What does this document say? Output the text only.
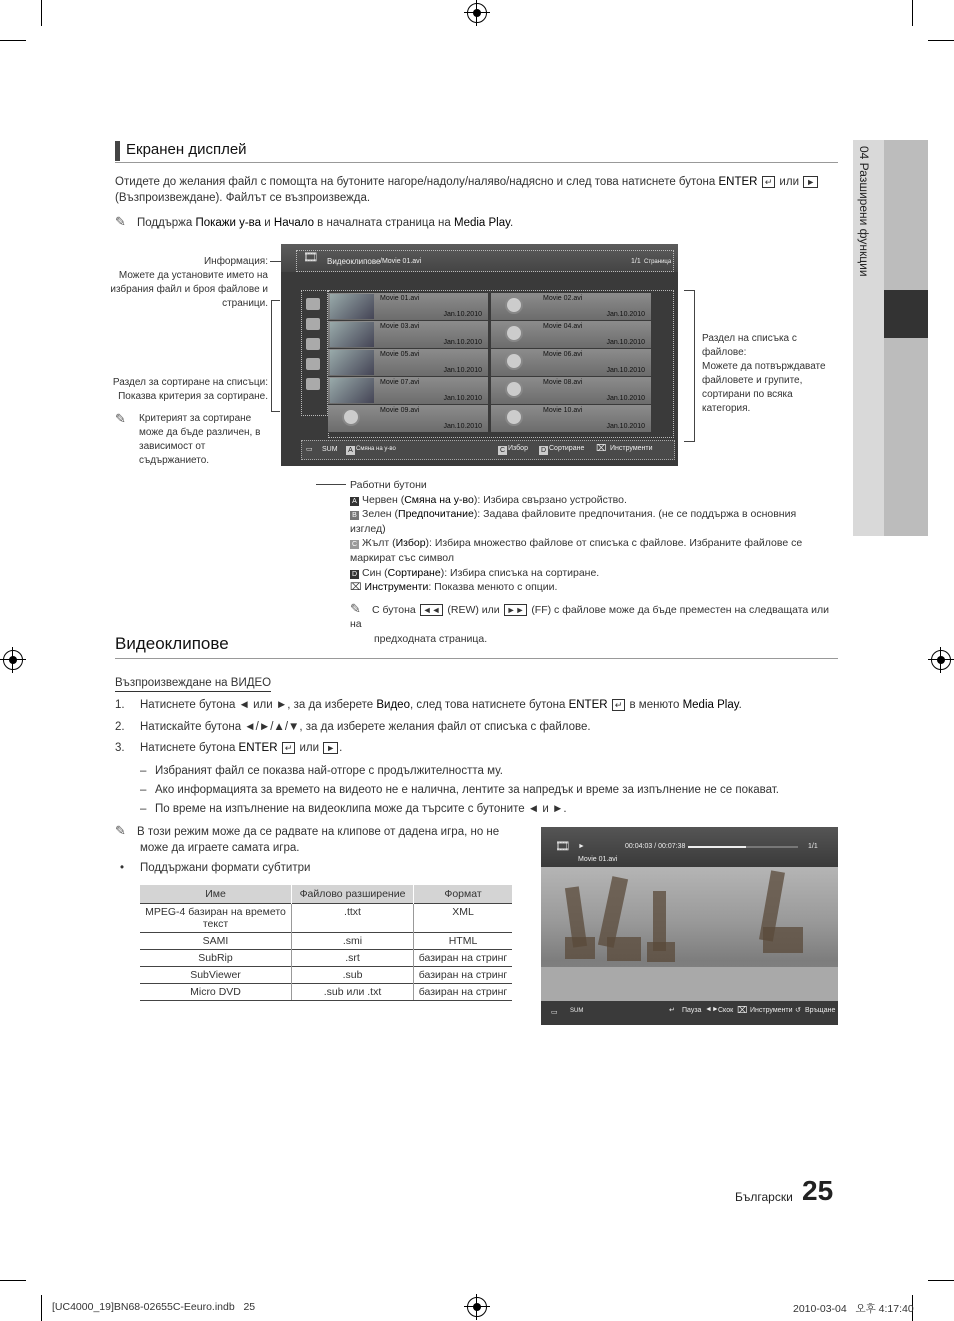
04 Разширени функции
Екранен дисплей
Отидете до желания файл с помощта на бутоните нагоре/надолу/наляво/надясно и след това натиснете бутона ENTER ↵ или ►
(Възпроизвеждане). Файлът се възпроизвежда.
✎ Поддържа Покажи у-ва и Начало в началната страница на Media Play.
Информация:
Можете да установите името на избрания файл и броя файлове и страници.
Раздел за сортиране на списъци:
Показва критерия за сортиране.
✎	Критерият за сортиране може да бъде различен, в зависимост от съдържанието.
Раздел на списъка с файлове:
Можете да потвърждавате файловете и групите, сортирани по всяка категория.
🎞 Видеоклипове /Movie 01.avi	1/1 Страница
Movie 01.avi
Jan.10.2010
Movie 02.avi
Jan.10.2010
Movie 03.avi
Jan.10.2010
Movie 04.avi
Jan.10.2010
Movie 05.avi
Jan.10.2010
Movie 06.avi
Jan.10.2010
Movie 07.avi
Jan.10.2010
Movie 08.avi
Jan.10.2010
Movie 09.avi
Jan.10.2010
Movie 10.avi
Jan.10.2010
▭ SUM	A Смяна на у-во	C Избор D Сортиране ⌧ Инструменти
Работни бутони
A Червен (Смяна на у-во): Избира свързано устройство.
B Зелен (Предпочитание): Задава файловите предпочитания. (не се поддържа в основния
изглед)
C Жълт (Избор): Избира множество файлове от списъка с файлове. Избраните файлове се
маркират със символ
D Син (Сортиране): Избира списъка на сортиране.
⌧ Инструменти: Показва менюто с опции.
✎ С бутона ◄◄ (REW) или ►► (FF) с файлове може да бъде преместен на следващата или на
предходната страница.
Видеоклипове
Възпроизвеждане на ВИДЕО
1. Натиснете бутона ◄ или ►, за да изберете Видео, след това натиснете бутона ENTER ↵ в менюто Media Play.
2. Натискайте бутона ◄/►/▲/▼, за да изберете желания файл от списъка с файлове.
3. Натиснете бутона ENTER ↵ или ► .
– Избраният файл се показва най-отгоре с продължителността му.
– Ако информацията за времето на видеото не е налична, лентите за напредък и време за изпълнение не се покават.
– По време на изпълнение на видеоклипа може да търсите с бутоните ◄ и ►.
✎ В този режим може да се радвате на клипове от дадена игра, но не
може да играете самата игра.
• Поддържани формати субтитри
Име	Файлово разширение	Формат
MPEG-4 базиран на времето текст	.ttxt	XML
SAMI	.smi	HTML
SubRip	.srt	базиран на стринг
SubViewer	.sub	базиран на стринг
Micro DVD	.sub или .txt	базиран на стринг
🎞 ►	00:04:03 / 00:07:38	1/1
Movie 01.avi
▭ SUM	↵ Пауза ◄► Скок ⌧ Инструменти ↺ Връщане
Български 25
[UC4000_19]BN68-02655C-Eeuro.indb   25	2010-03-04   오후 4:17:40
